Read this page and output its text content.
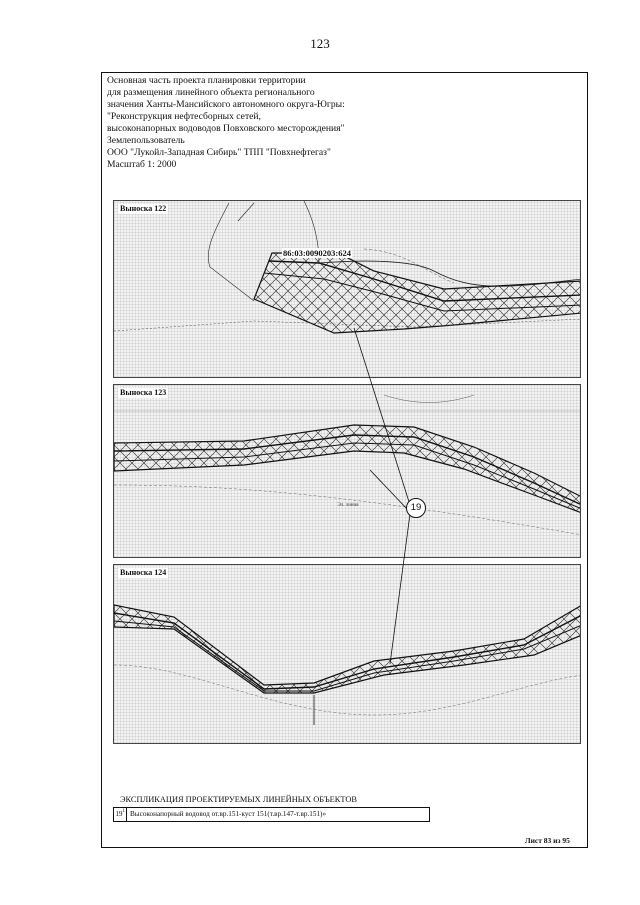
123
Основная часть проекта планировки территории
для размещения линейного объекта регионального
значения Ханты-Мансийского автономного округа-Югры:
"Реконструкция нефтесборных сетей,
высоконапорных водоводов Повховского месторождения"
Землепользователь
ООО "Лукойл-Западная Сибирь" ТПП "Повхнефтегаз"
Масштаб 1: 2000
Выноска 122
86:03:0090203:624
Выноска 123
Эл. линия
Выноска 124
19
ЭКСПЛИКАЦИЯ ПРОЕКТИРУЕМЫХ ЛИНЕЙНЫХ ОБЪЕКТОВ
$19^1$ Высоконапорный водовод от.вр.151-куст 151(т.вр.147-т.вр.151)»
Лист 83 из 95
